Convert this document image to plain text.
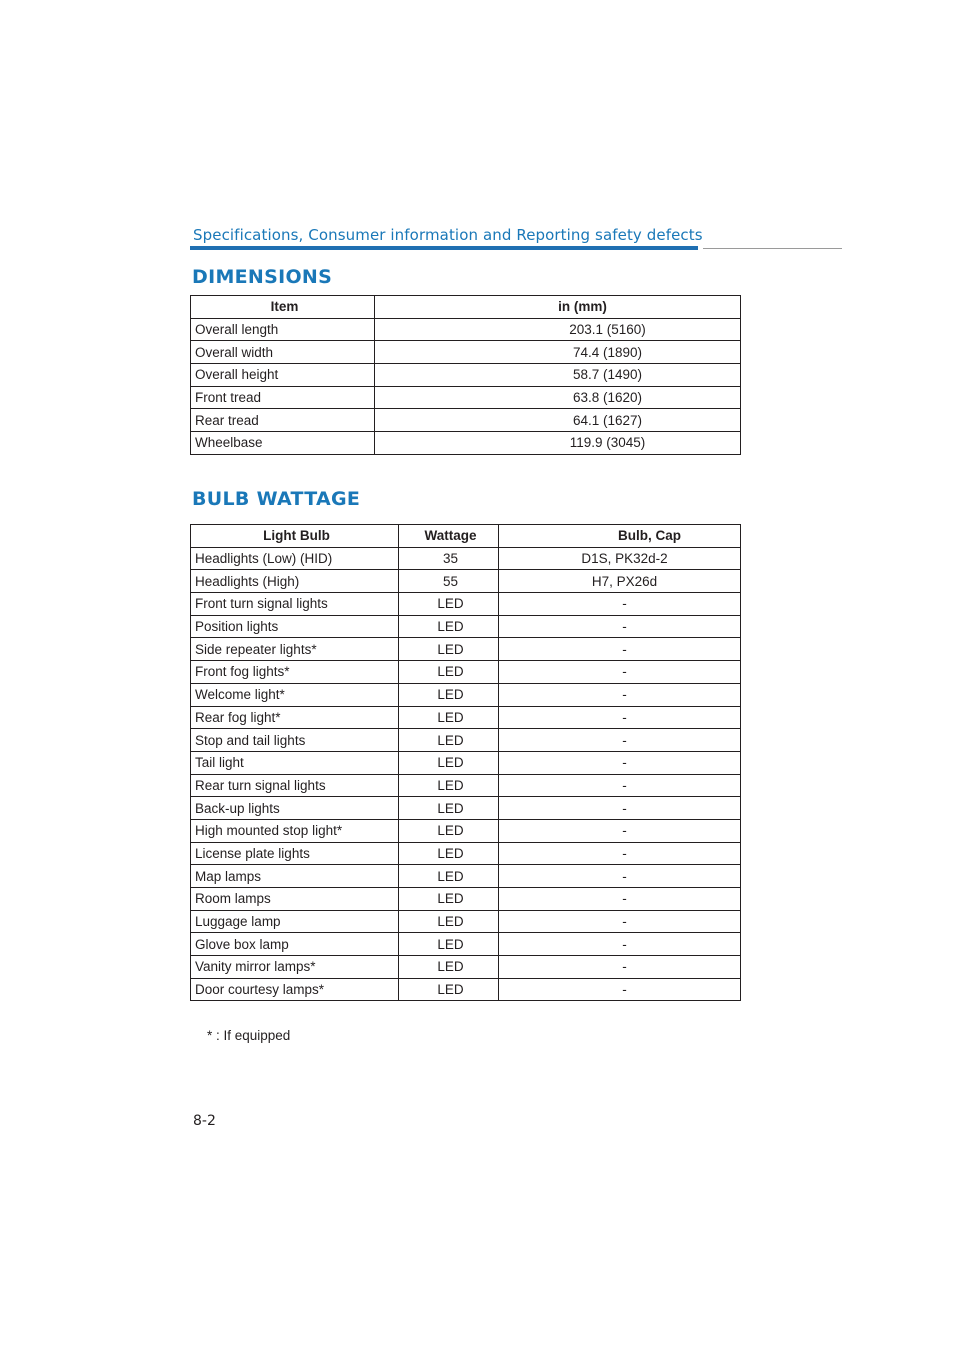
Specifications, Consumer information and Reporting safety defects
DIMENSIONS
Item	in (mm)
Overall length	203.1 (5160)
Overall width	74.4 (1890)
Overall height	58.7 (1490)
Front tread	63.8 (1620)
Rear tread	64.1 (1627)
Wheelbase	119.9 (3045)
BULB WATTAGE
Light Bulb	Wattage	Bulb, Cap
Headlights (Low) (HID)	35	D1S, PK32d-2
Headlights (High)	55	H7, PX26d
Front turn signal lights	LED	-
Position lights	LED	-
Side repeater lights*	LED	-
Front fog lights*	LED	-
Welcome light*	LED	-
Rear fog light*	LED	-
Stop and tail lights	LED	-
Tail light	LED	-
Rear turn signal lights	LED	-
Back-up lights	LED	-
High mounted stop light*	LED	-
License plate lights	LED	-
Map lamps	LED	-
Room lamps	LED	-
Luggage lamp	LED	-
Glove box lamp	LED	-
Vanity mirror lamps*	LED	-
Door courtesy lamps*	LED	-
* : If equipped
8-2
